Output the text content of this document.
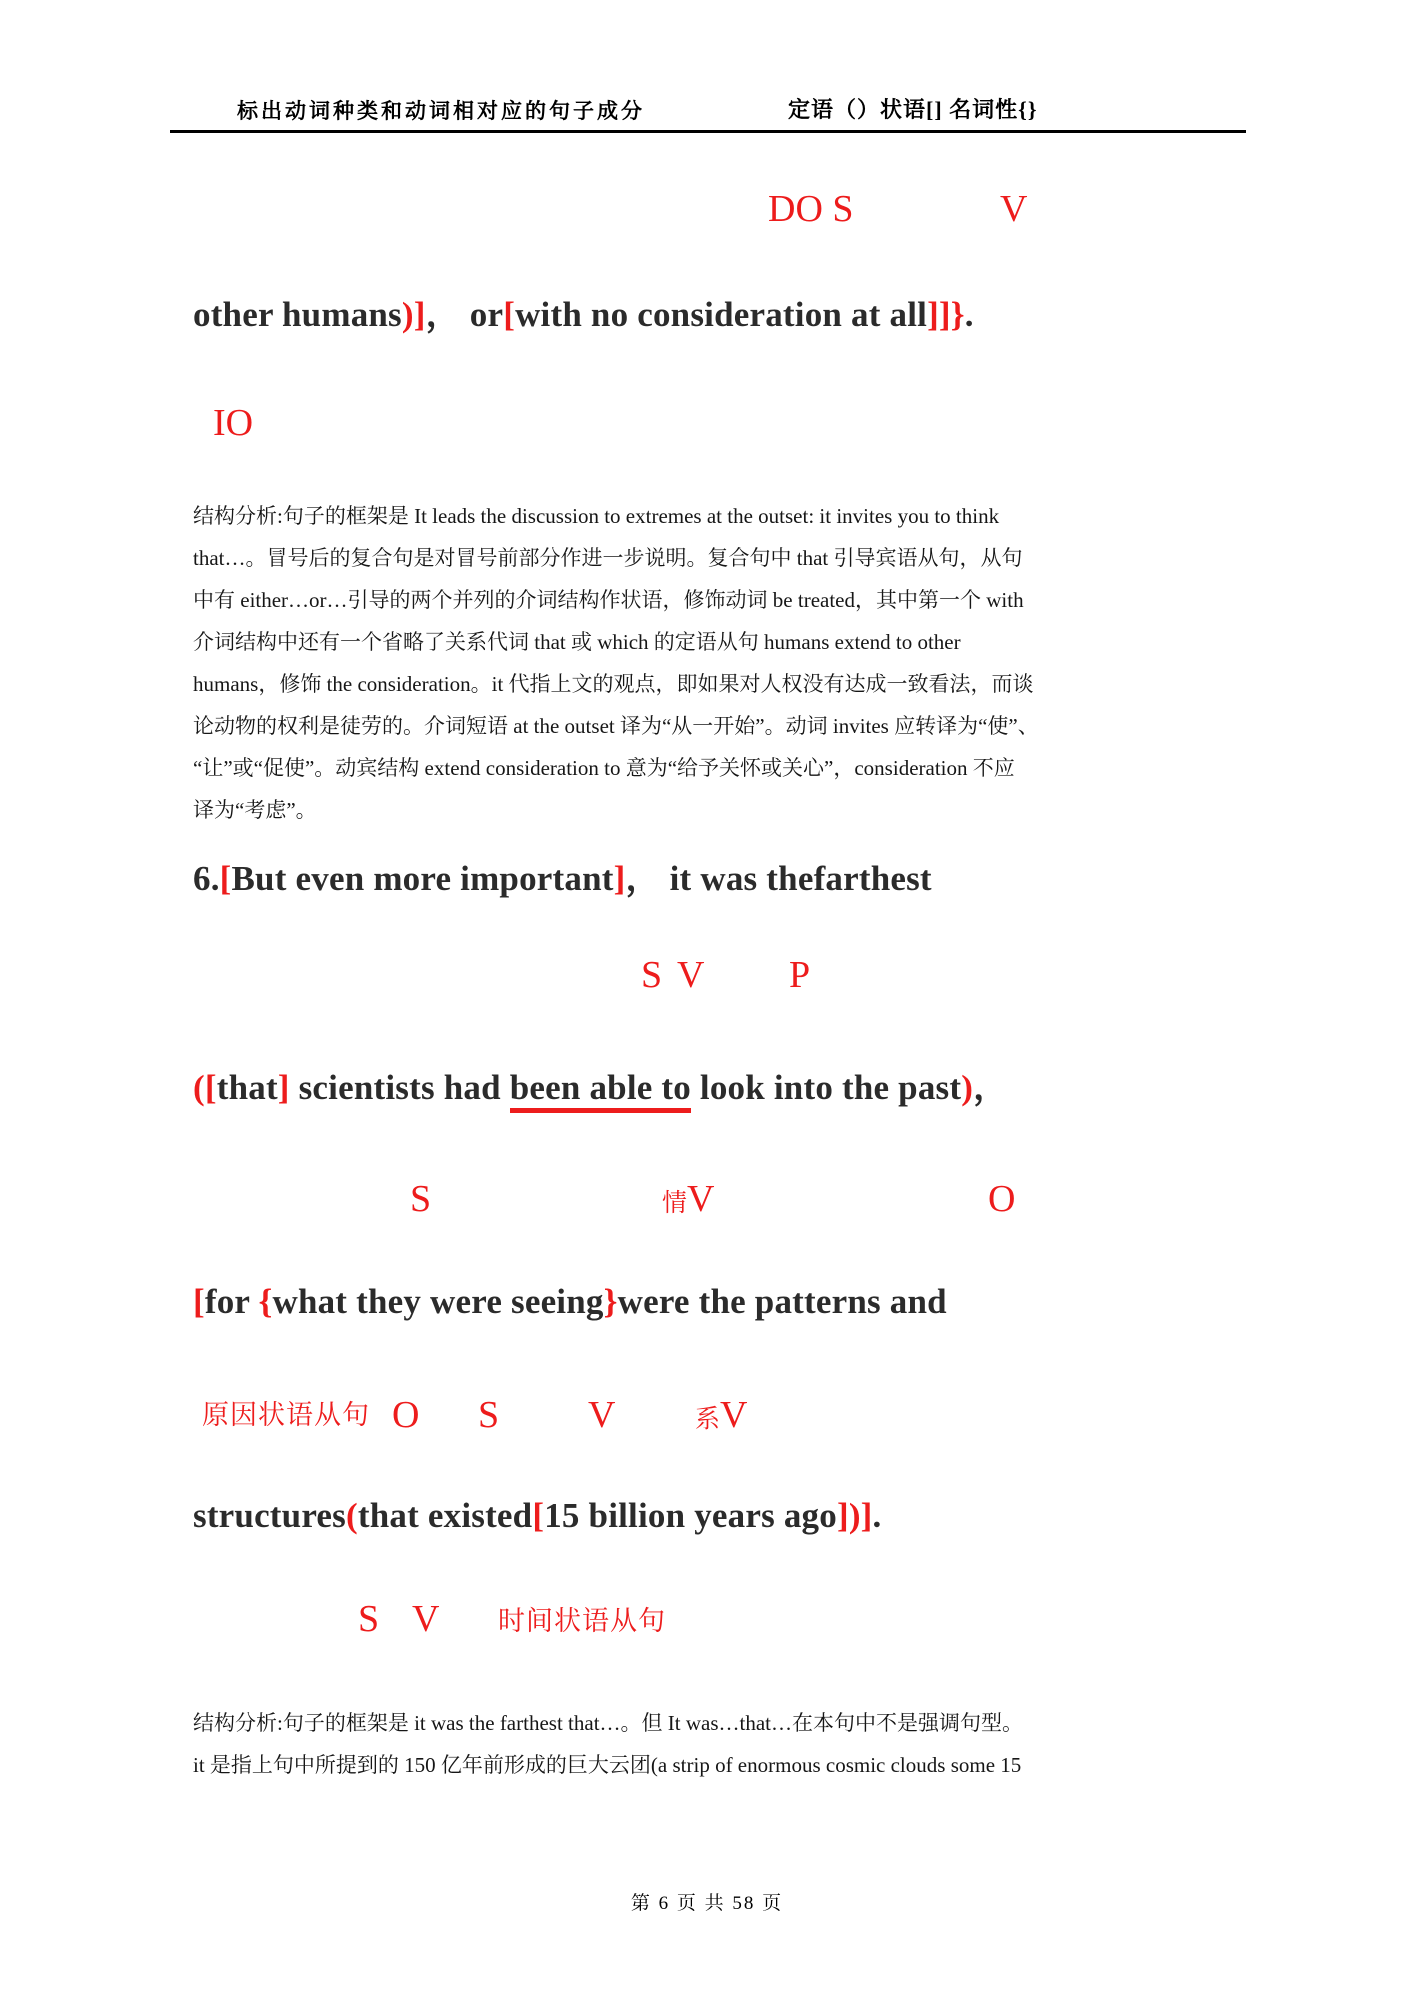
标出动词种类和动词相对应的句子成分	定语（）状语[] 名词性{}
DO S	V
other humans)]， or[with no consideration at all]]}.
IO
结构分析:句子的框架是 It leads the discussion to extremes at the outset: it invites you to think
that…。冒号后的复合句是对冒号前部分作进一步说明。复合句中 that 引导宾语从句，从句
中有 either…or…引导的两个并列的介词结构作状语，修饰动词 be treated，其中第一个 with
介词结构中还有一个省略了关系代词 that 或 which 的定语从句 humans extend to other
humans，修饰 the consideration。it 代指上文的观点，即如果对人权没有达成一致看法，而谈
论动物的权利是徒劳的。介词短语 at the outset 译为“从一开始”。动词 invites 应转译为“使”、
“让”或“促使”。动宾结构 extend consideration to 意为“给予关怀或关心”，consideration 不应
译为“考虑”。
6.[But even more important]， it was thefarthest
S V P
([that] scientists had been able to look into the past)，
S	情V	O
[for {what they were seeing}were the patterns and
原因状语从句 O S V	系V
structures(that existed[15 billion years ago])].
S V 时间状语从句
结构分析:句子的框架是 it was the farthest that…。但 It was…that…在本句中不是强调句型。
it 是指上句中所提到的 150 亿年前形成的巨大云团(a strip of enormous cosmic clouds some 15
第 6 页 共 58 页
